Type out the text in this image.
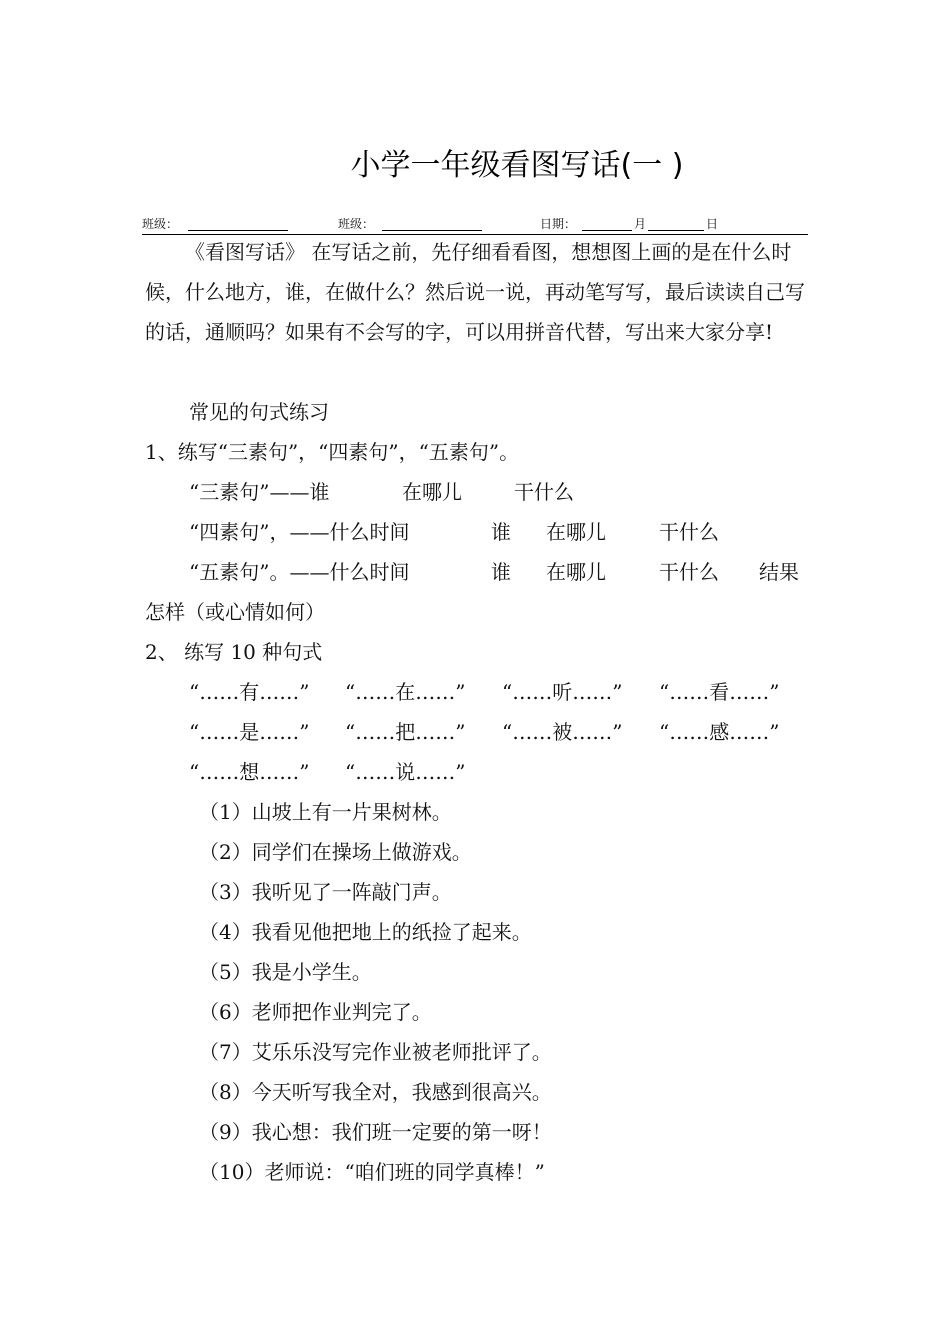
小学一年级看图写话(一 )
班级：	班级：	日期：	月	日
《看图写话》 在写话之前，先仔细看看图，想想图上画的是在什么时候，什么地方，谁，在做什么？然后说一说，再动笔写写，最后读读自己写的话，通顺吗？如果有不会写的字，可以用拼音代替，写出来大家分享!
常见的句式练习
1、练写“三素句”，“四素句”，“五素句”。
“三素句”——谁	在哪儿	干什么
“四素句”，——什么时间	谁 在哪儿	干什么
“五素句”。——什么时间	谁 在哪儿	干什么 结果
怎样（或心情如何）
2、 练写 10 种句式
“……有……” “……在……” “……听……” “……看……”
“……是……” “……把……” “……被……” “……感……”
“……想……” “……说……”
（1）山坡上有一片果树林。
（2）同学们在操场上做游戏。
（3）我听见了一阵敲门声。
（4）我看见他把地上的纸捡了起来。
（5）我是小学生。
（6）老师把作业判完了。
（7）艾乐乐没写完作业被老师批评了。
（8）今天听写我全对，我感到很高兴。
（9）我心想：我们班一定要的第一呀！
（10）老师说：“咱们班的同学真棒！”
